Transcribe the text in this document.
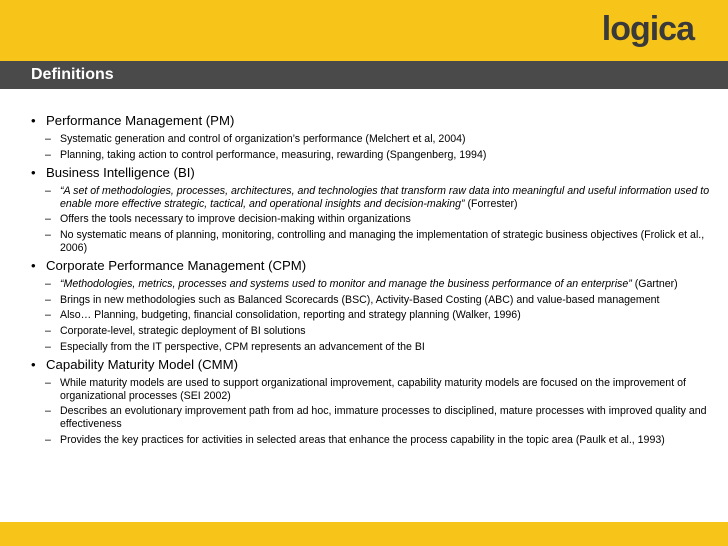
logica
Definitions
• Performance Management (PM)
– Systematic generation and control of organization’s performance (Melchert et al, 2004)
– Planning, taking action to control performance, measuring, rewarding (Spangenberg, 1994)
• Business Intelligence (BI)
– “A set of methodologies, processes, architectures, and technologies that transform raw data into meaningful and useful information used to enable more effective strategic, tactical, and operational insights and decision-making” (Forrester)
– Offers the tools necessary to improve decision-making within organizations
– No systematic means of planning, monitoring, controlling and managing the implementation of strategic business objectives (Frolick et al., 2006)
• Corporate Performance Management (CPM)
– “Methodologies, metrics, processes and systems used to monitor and manage the business performance of an enterprise” (Gartner)
– Brings in new methodologies such as Balanced Scorecards (BSC), Activity-Based Costing (ABC) and value-based management
– Also… Planning, budgeting, financial consolidation, reporting and strategy planning (Walker, 1996)
– Corporate-level, strategic deployment of BI solutions
– Especially from the IT perspective, CPM represents an advancement of the BI
• Capability Maturity Model (CMM)
– While maturity models are used to support organizational improvement, capability maturity models are focused on the improvement of organizational processes (SEI 2002)
– Describes an evolutionary improvement path from ad hoc, immature processes to disciplined, mature processes with improved quality and effectiveness
– Provides the key practices for activities in selected areas that enhance the process capability in the topic area (Paulk et al., 1993)
